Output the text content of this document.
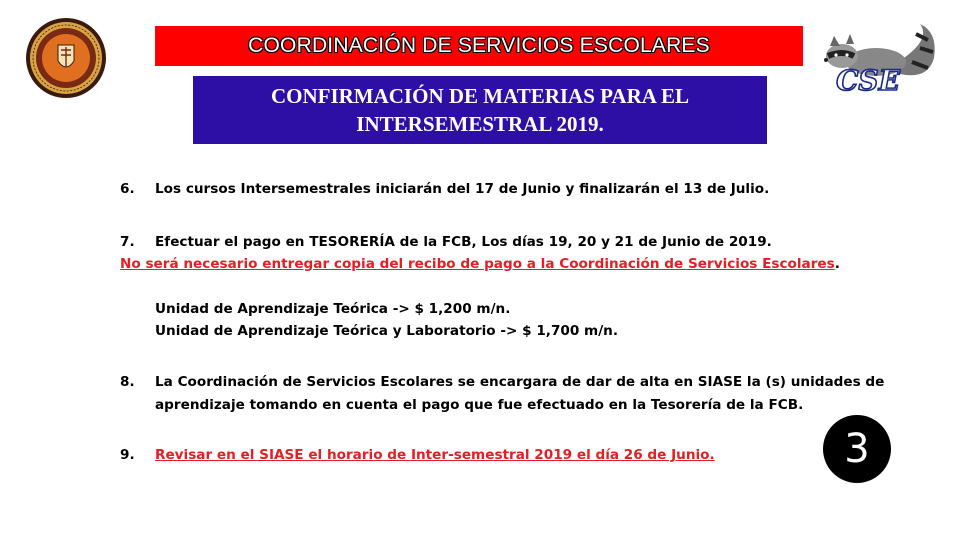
COORDINACIÓN DE SERVICIOS ESCOLARES
CONFIRMACIÓN DE MATERIAS PARA EL
INTERSEMESTRAL 2019.
CSE
6. Los cursos Intersemestrales iniciarán del 17 de Junio y finalizarán el 13 de Julio.
7. Efectuar el pago en TESORERÍA de la FCB, Los días 19, 20 y 21 de Junio de 2019.
No será necesario entregar copia del recibo de pago a la Coordinación de Servicios Escolares.
Unidad de Aprendizaje Teórica -> $ 1,200 m/n.
Unidad de Aprendizaje Teórica y Laboratorio -> $ 1,700 m/n.
8. La Coordinación de Servicios Escolares se encargara de dar de alta en SIASE la (s) unidades de
aprendizaje tomando en cuenta el pago que fue efectuado en la Tesorería de la FCB.
9. Revisar en el SIASE el horario de Inter-semestral 2019 el día 26 de Junio.	3
